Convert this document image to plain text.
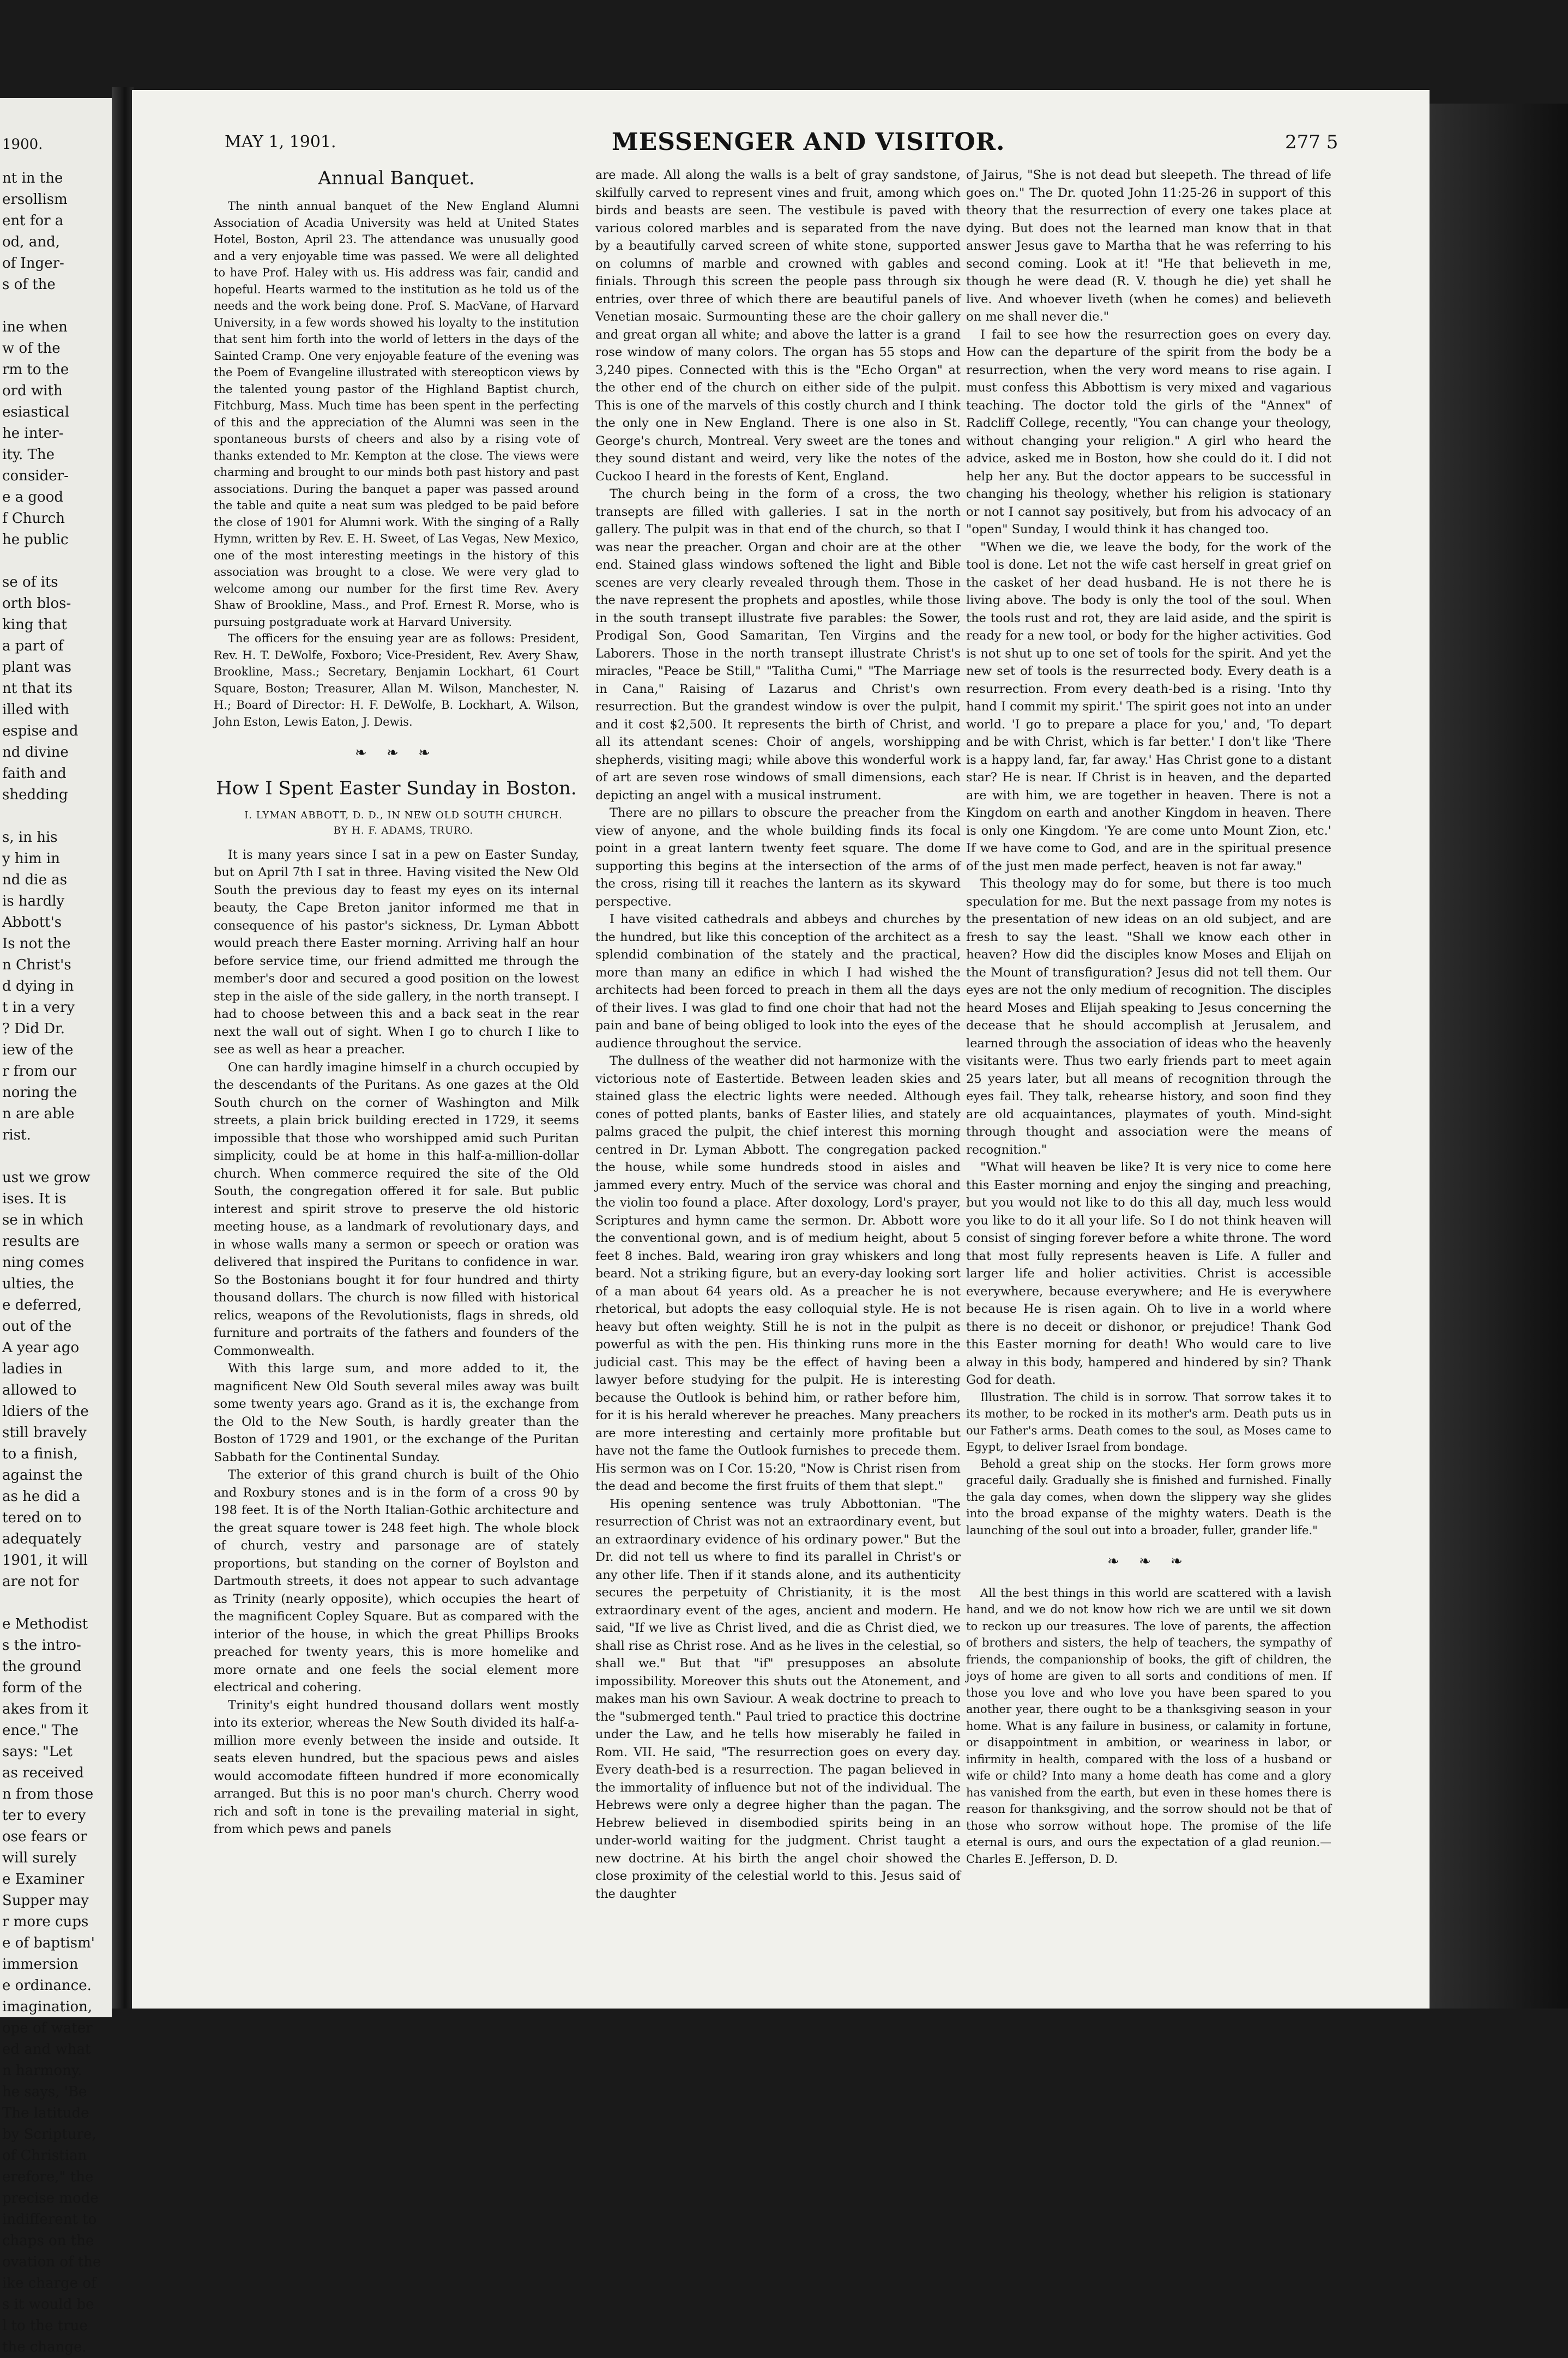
1900.
nt in the
ersollism
ent for a
od, and,
of Inger-
s of the

ine when
w of the
rm to the
ord with
esiastical
he inter-
ity. The
consider-
e a good
f Church
he public

se of its
orth blos-
king that
a part of
plant was
nt that its
illed with
espise and
nd divine
faith and
shedding

s, in his
y him in
nd die as
is hardly
Abbott's
Is not the
n Christ's
d dying in
t in a very
? Did Dr.
iew of the
r from our
noring the
n are able
rist.

ust we grow
ises. It is
se in which
results are
ning comes
ulties, the
e deferred,
out of the
A year ago
ladies in
allowed to
ldiers of the
still bravely
to a finish,
against the
as he did a
tered on to
adequately
1901, it will
are not for

e Methodist
s the intro-
the ground
form of the
akes from it
ence." The
says: "Let
as received
n from those
ter to every
ose fears or
will surely
e Examiner
Supper may
r more cups
e of baptism'
immersion
e ordinance.
imagination,
ope of water
ed and what
n harmony.
he says, 'Be
The latitude
by Scripture,
of Christian
erefore," the
precise mode
indifferent to
chaps on the
ovation of the
ike charge of
s it would be
l to the true
the change.
MAY 1, 1901.	MESSENGER AND VISITOR.	277 5
Annual Banquet.

The ninth annual banquet of the New England Alumni Association of Acadia University was held at United States Hotel, Boston, April 23. The attendance was unusually good and a very enjoyable time was passed. We were all delighted to have Prof. Haley with us. His address was fair, candid and hopeful. Hearts warmed to the institution as he told us of the needs and the work being done. Prof. S. MacVane, of Harvard University, in a few words showed his loyalty to the institution that sent him forth into the world of letters in the days of the Sainted Cramp. One very enjoyable feature of the evening was the Poem of Evangeline illustrated with stereopticon views by the talented young pastor of the Highland Baptist church, Fitchburg, Mass. Much time has been spent in the perfecting of this and the appreciation of the Alumni was seen in the spontaneous bursts of cheers and also by a rising vote of thanks extended to Mr. Kempton at the close. The views were charming and brought to our minds both past history and past associations. During the banquet a paper was passed around the table and quite a neat sum was pledged to be paid before the close of 1901 for Alumni work. With the singing of a Rally Hymn, written by Rev. E. H. Sweet, of Las Vegas, New Mexico, one of the most interesting meetings in the history of this association was brought to a close. We were very glad to welcome among our number for the first time Rev. Avery Shaw of Brookline, Mass., and Prof. Ernest R. Morse, who is pursuing postgraduate work at Harvard University.

The officers for the ensuing year are as follows: President, Rev. H. T. DeWolfe, Foxboro; Vice-President, Rev. Avery Shaw, Brookline, Mass.; Secretary, Benjamin Lockhart, 61 Court Square, Boston; Treasurer, Allan M. Wilson, Manchester, N. H.; Board of Director: H. F. DeWolfe, B. Lockhart, A. Wilson, John Eston, Lewis Eaton, J. Dewis.

❧ ❧ ❧
How I Spent Easter Sunday in Boston.

I. LYMAN ABBOTT, D. D., IN NEW OLD SOUTH CHURCH.

BY H. F. ADAMS, TRURO.

It is many years since I sat in a pew on Easter Sunday, but on April 7th I sat in three. Having visited the New Old South the previous day to feast my eyes on its internal beauty, the Cape Breton janitor informed me that in consequence of his pastor's sickness, Dr. Lyman Abbott would preach there Easter morning. Arriving half an hour before service time, our friend admitted me through the member's door and secured a good position on the lowest step in the aisle of the side gallery, in the north transept. I had to choose between this and a back seat in the rear next the wall out of sight. When I go to church I like to see as well as hear a preacher.

One can hardly imagine himself in a church occupied by the descendants of the Puritans. As one gazes at the Old South church on the corner of Washington and Milk streets, a plain brick building erected in 1729, it seems impossible that those who worshipped amid such Puritan simplicity, could be at home in this half-a-million-dollar church. When commerce required the site of the Old South, the congregation offered it for sale. But public interest and spirit strove to preserve the old historic meeting house, as a landmark of revolutionary days, and in whose walls many a sermon or speech or oration was delivered that inspired the Puritans to confidence in war. So the Bostonians bought it for four hundred and thirty thousand dollars. The church is now filled with historical relics, weapons of the Revolutionists, flags in shreds, old furniture and portraits of the fathers and founders of the Commonwealth.

With this large sum, and more added to it, the magnificent New Old South several miles away was built some twenty years ago. Grand as it is, the exchange from the Old to the New South, is hardly greater than the Boston of 1729 and 1901, or the exchange of the Puritan Sabbath for the Continental Sunday.

The exterior of this grand church is built of the Ohio and Roxbury stones and is in the form of a cross 90 by 198 feet. It is of the North Italian-Gothic architecture and the great square tower is 248 feet high. The whole block of church, vestry and parsonage are of stately proportions, but standing on the corner of Boylston and Dartmouth streets, it does not appear to such advantage as Trinity (nearly opposite), which occupies the heart of the magnificent Copley Square. But as compared with the interior of the house, in which the great Phillips Brooks preached for twenty years, this is more homelike and more ornate and one feels the social element more electrical and cohering.

Trinity's eight hundred thousand dollars went mostly into its exterior, whereas the New South divided its half-a-million more evenly between the inside and outside. It seats eleven hundred, but the spacious pews and aisles would accomodate fifteen hundred if more economically arranged. But this is no poor man's church. Cherry wood rich and soft in tone is the prevailing material in sight, from which pews and panels

are made. All along the walls is a belt of gray sandstone, skilfully carved to represent vines and fruit, among which birds and beasts are seen. The vestibule is paved with various colored marbles and is separated from the nave by a beautifully carved screen of white stone, supported on columns of marble and crowned with gables and finials. Through this screen the people pass through six entries, over three of which there are beautiful panels of Venetian mosaic. Surmounting these are the choir gallery and great organ all white; and above the latter is a grand rose window of many colors. The organ has 55 stops and 3,240 pipes. Connected with this is the "Echo Organ" at the other end of the church on either side of the pulpit. This is one of the marvels of this costly church and I think the only one in New England. There is one also in St. George's church, Montreal. Very sweet are the tones and they sound distant and weird, very like the notes of the Cuckoo I heard in the forests of Kent, England.

The church being in the form of a cross, the two transepts are filled with galleries. I sat in the north gallery. The pulpit was in that end of the church, so that I was near the preacher. Organ and choir are at the other end. Stained glass windows softened the light and Bible scenes are very clearly revealed through them. Those in the nave represent the prophets and apostles, while those in the south transept illustrate five parables: the Sower, Prodigal Son, Good Samaritan, Ten Virgins and the Laborers. Those in the north transept illustrate Christ's miracles, "Peace be Still," "Talitha Cumi," "The Marriage in Cana," Raising of Lazarus and Christ's own resurrection. But the grandest window is over the pulpit, and it cost $2,500. It represents the birth of Christ, and all its attendant scenes: Choir of angels, worshipping shepherds, visiting magi; while above this wonderful work of art are seven rose windows of small dimensions, each depicting an angel with a musical instrument.

There are no pillars to obscure the preacher from the view of anyone, and the whole building finds its focal point in a great lantern twenty feet square. The dome supporting this begins at the intersection of the arms of the cross, rising till it reaches the lantern as its skyward perspective.

I have visited cathedrals and abbeys and churches by the hundred, but like this conception of the architect as a splendid combination of the stately and the practical, more than many an edifice in which I had wished the architects had been forced to preach in them all the days of their lives. I was glad to find one choir that had not the pain and bane of being obliged to look into the eyes of the audience throughout the service.

The dullness of the weather did not harmonize with the victorious note of Eastertide. Between leaden skies and stained glass the electric lights were needed. Although cones of potted plants, banks of Easter lilies, and stately palms graced the pulpit, the chief interest this morning centred in Dr. Lyman Abbott. The congregation packed the house, while some hundreds stood in aisles and jammed every entry. Much of the service was choral and the violin too found a place. After doxology, Lord's prayer, Scriptures and hymn came the sermon. Dr. Abbott wore the conventional gown, and is of medium height, about 5 feet 8 inches. Bald, wearing iron gray whiskers and long beard. Not a striking figure, but an every-day looking sort of a man about 64 years old. As a preacher he is not rhetorical, but adopts the easy colloquial style. He is not heavy but often weighty. Still he is not in the pulpit as powerful as with the pen. His thinking runs more in the judicial cast. This may be the effect of having been a lawyer before studying for the pulpit. He is interesting because the Outlook is behind him, or rather before him, for it is his herald wherever he preaches. Many preachers are more interesting and certainly more profitable but have not the fame the Outlook furnishes to precede them. His sermon was on I Cor. 15:20, "Now is Christ risen from the dead and become the first fruits of them that slept."

His opening sentence was truly Abbottonian. "The resurrection of Christ was not an extraordinary event, but an extraordinary evidence of his ordinary power." But the Dr. did not tell us where to find its parallel in Christ's or any other life. Then if it stands alone, and its authenticity secures the perpetuity of Christianity, it is the most extraordinary event of the ages, ancient and modern. He said, "If we live as Christ lived, and die as Christ died, we shall rise as Christ rose. And as he lives in the celestial, so shall we." But that "if" presupposes an absolute impossibility. Moreover this shuts out the Atonement, and makes man his own Saviour. A weak doctrine to preach to the "submerged tenth." Paul tried to practice this doctrine under the Law, and he tells how miserably he failed in Rom. VII. He said, "The resurrection goes on every day. Every death-bed is a resurrection. The pagan believed in the immortality of influence but not of the individual. The Hebrews were only a degree higher than the pagan. The Hebrew believed in disembodied spirits being in an under-world waiting for the judgment. Christ taught a new doctrine. At his birth the angel choir showed the close proximity of the celestial world to this. Jesus said of the daughter

of Jairus, "She is not dead but sleepeth. The thread of life goes on." The Dr. quoted John 11:25-26 in support of this theory that the resurrection of every one takes place at dying. But does not the learned man know that in that answer Jesus gave to Martha that he was referring to his second coming. Look at it! "He that believeth in me, though he were dead (R. V. though he die) yet shall he live. And whoever liveth (when he comes) and believeth on me shall never die."

I fail to see how the resurrection goes on every day. How can the departure of the spirit from the body be a resurrection, when the very word means to rise again. I must confess this Abbottism is very mixed and vagarious teaching. The doctor told the girls of the "Annex" of Radcliff College, recently, "You can change your theology, without changing your religion." A girl who heard the advice, asked me in Boston, how she could do it. I did not help her any. But the doctor appears to be successful in changing his theology, whether his religion is stationary or not I cannot say positively, but from his advocacy of an "open" Sunday, I would think it has changed too.

"When we die, we leave the body, for the work of the tool is done. Let not the wife cast herself in great grief on the casket of her dead husband. He is not there he is living above. The body is only the tool of the soul. When the tools rust and rot, they are laid aside, and the spirit is ready for a new tool, or body for the higher activities. God is not shut up to one set of tools for the spirit. And yet the new set of tools is the resurrected body. Every death is a resurrection. From every death-bed is a rising. 'Into thy hand I commit my spirit.' The spirit goes not into an under world. 'I go to prepare a place for you,' and, 'To depart and be with Christ, which is far better.' I don't like 'There is a happy land, far, far away.' Has Christ gone to a distant star? He is near. If Christ is in heaven, and the departed are with him, we are together in heaven. There is not a Kingdom on earth and another Kingdom in heaven. There is only one Kingdom. 'Ye are come unto Mount Zion, etc.' If we have come to God, and are in the spiritual presence of the just men made perfect, heaven is not far away."

This theology may do for some, but there is too much speculation for me. But the next passage from my notes is the presentation of new ideas on an old subject, and are fresh to say the least. "Shall we know each other in heaven? How did the disciples know Moses and Elijah on the Mount of transfiguration? Jesus did not tell them. Our eyes are not the only medium of recognition. The disciples heard Moses and Elijah speaking to Jesus concerning the decease that he should accomplish at Jerusalem, and learned through the association of ideas who the heavenly visitants were. Thus two early friends part to meet again 25 years later, but all means of recognition through the eyes fail. They talk, rehearse history, and soon find they are old acquaintances, playmates of youth. Mind-sight through thought and association were the means of recognition."

"What will heaven be like? It is very nice to come here this Easter morning and enjoy the singing and preaching, but you would not like to do this all day, much less would you like to do it all your life. So I do not think heaven will consist of singing forever before a white throne. The word that most fully represents heaven is Life. A fuller and larger life and holier activities. Christ is accessible everywhere, because everywhere; and He is everywhere because He is risen again. Oh to live in a world where there is no deceit or dishonor, or prejudice! Thank God this Easter morning for death! Who would care to live alway in this body, hampered and hindered by sin? Thank God for death.

Illustration. The child is in sorrow. That sorrow takes it to its mother, to be rocked in its mother's arm. Death puts us in our Father's arms. Death comes to the soul, as Moses came to Egypt, to deliver Israel from bondage.

Behold a great ship on the stocks. Her form grows more graceful daily. Gradually she is finished and furnished. Finally the gala day comes, when down the slippery way she glides into the broad expanse of the mighty waters. Death is the launching of the soul out into a broader, fuller, grander life."

❧ ❧ ❧

All the best things in this world are scattered with a lavish hand, and we do not know how rich we are until we sit down to reckon up our treasures. The love of parents, the affection of brothers and sisters, the help of teachers, the sympathy of friends, the companionship of books, the gift of children, the joys of home are given to all sorts and conditions of men. If those you love and who love you have been spared to you another year, there ought to be a thanksgiving season in your home. What is any failure in business, or calamity in fortune, or disappointment in ambition, or weariness in labor, or infirmity in health, compared with the loss of a husband or wife or child? Into many a home death has come and a glory has vanished from the earth, but even in these homes there is reason for thanksgiving, and the sorrow should not be that of those who sorrow without hope. The promise of the life eternal is ours, and ours the expectation of a glad reunion.—Charles E. Jefferson, D. D.
